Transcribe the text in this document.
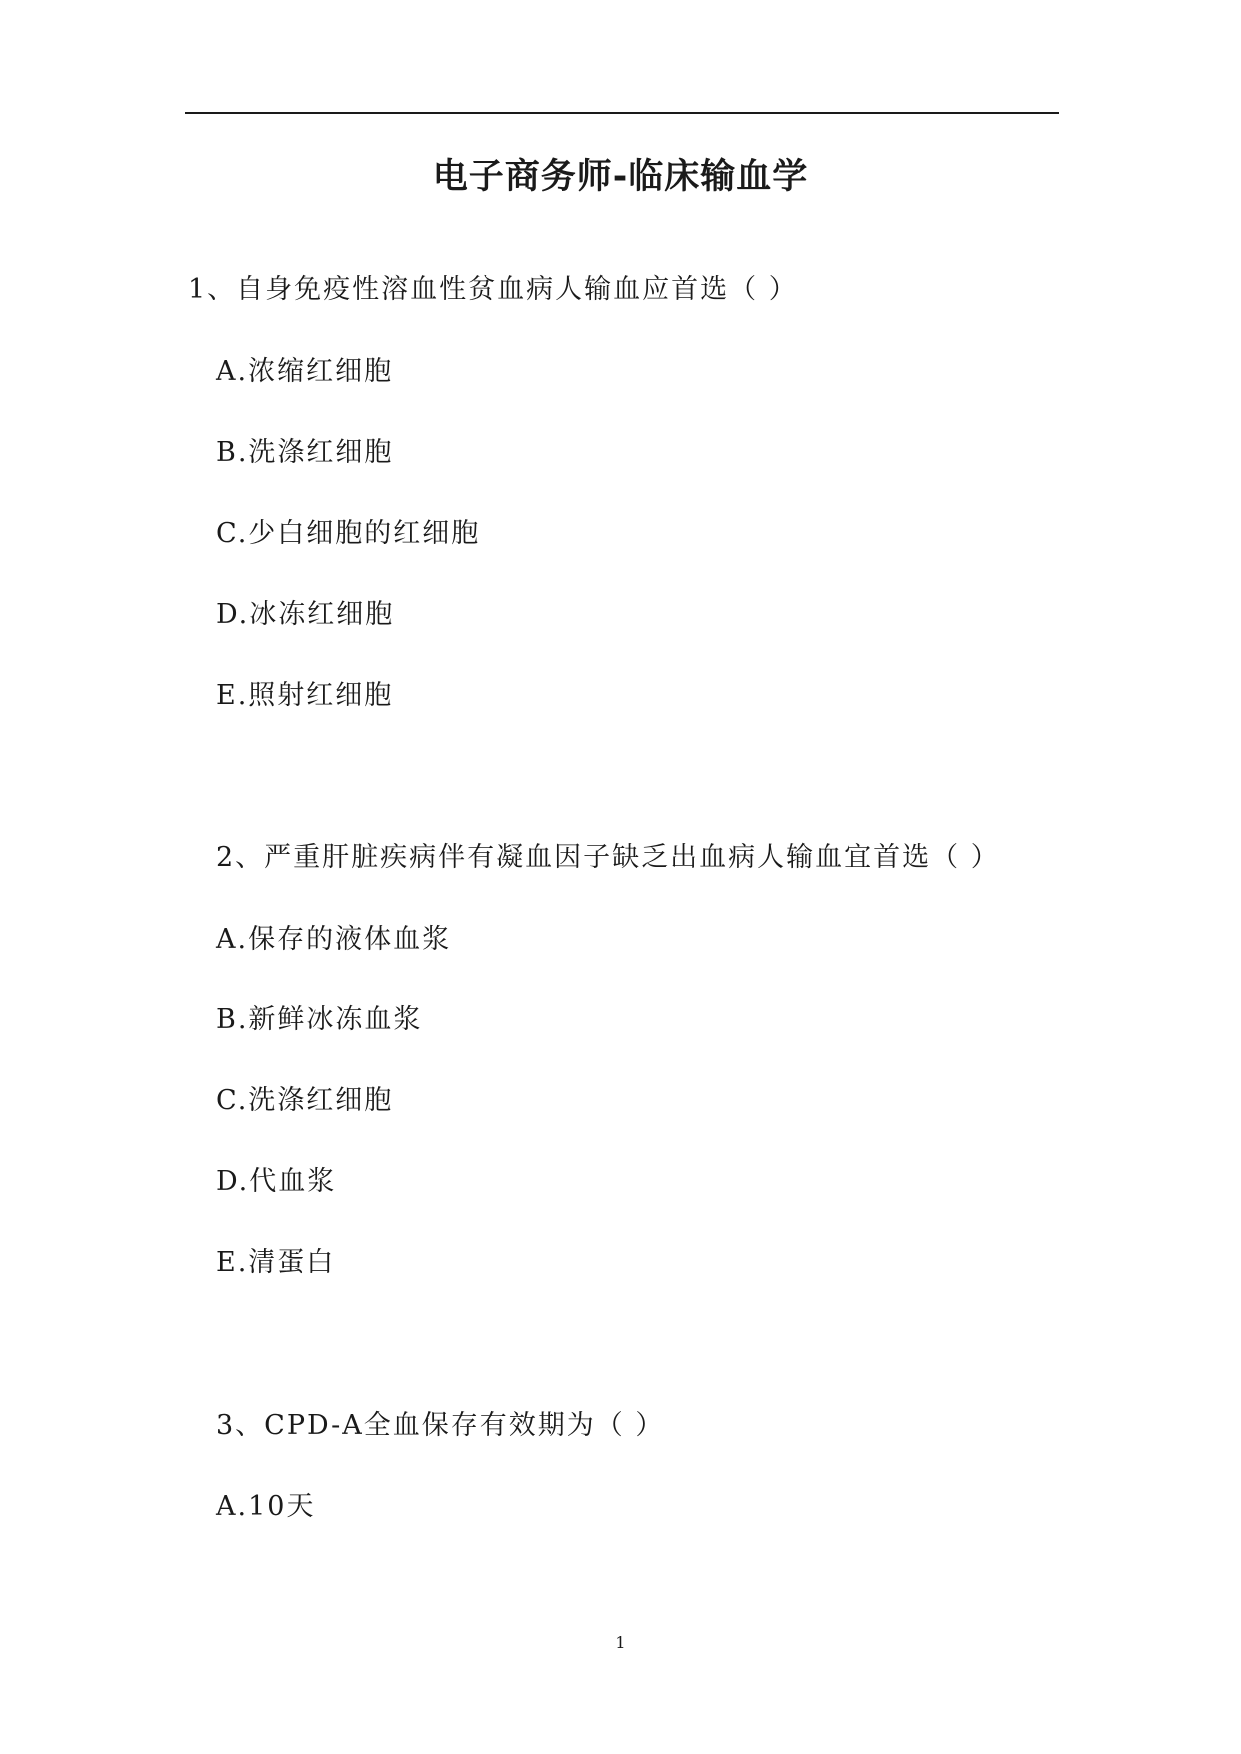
电子商务师-临床输血学
1、自身免疫性溶血性贫血病人输血应首选（ ）
A.浓缩红细胞
B.洗涤红细胞
C.少白细胞的红细胞
D.冰冻红细胞
E.照射红细胞
2、严重肝脏疾病伴有凝血因子缺乏出血病人输血宜首选（ ）
A.保存的液体血浆
B.新鲜冰冻血浆
C.洗涤红细胞
D.代血浆
E.清蛋白
3、CPD-A全血保存有效期为（ ）
A.10天
1
